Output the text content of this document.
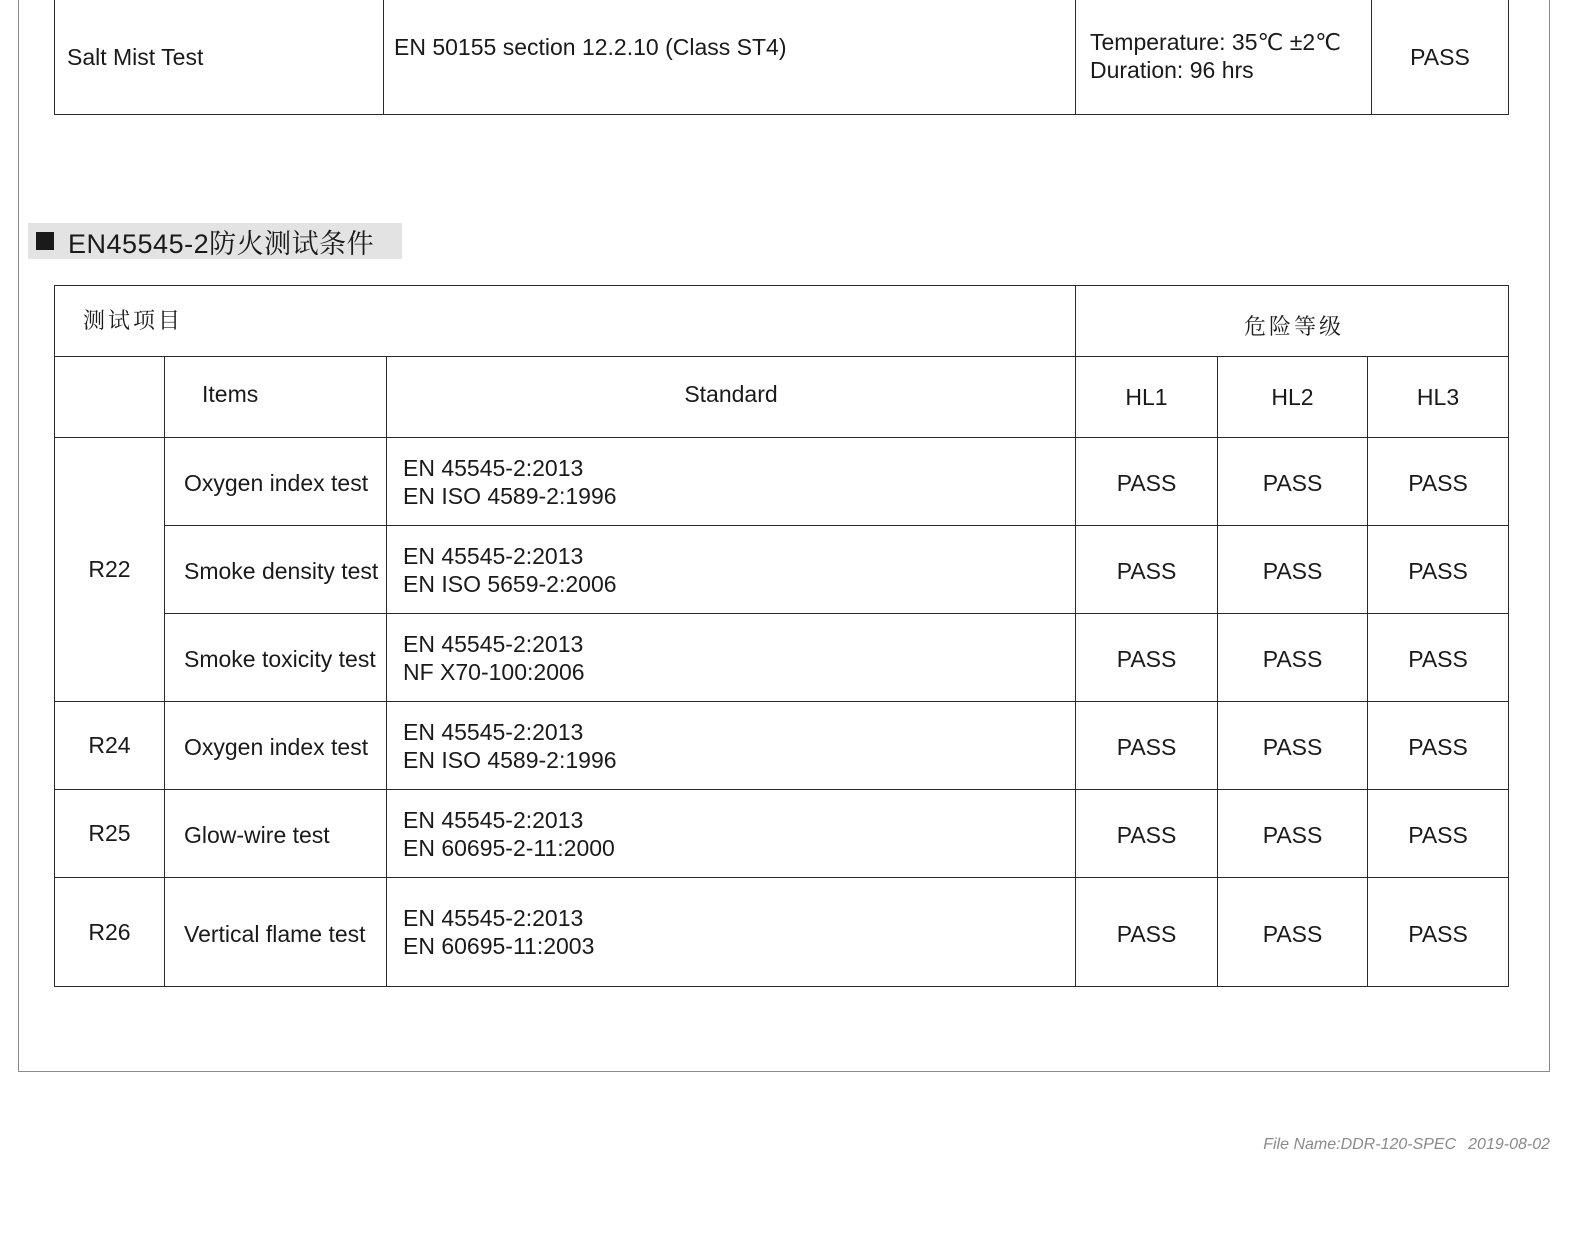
Salt Mist Test	EN 50155 section 12.2.10 (Class ST4)	Temperature: 35℃ ±2℃
Duration: 96 hrs	PASS
EN45545-2防火测试条件
测试项目			危险等级		
	Items	Standard	HL1	HL2	HL3
R22	Oxygen index test	EN 45545-2:2013
EN ISO 4589-2:1996	PASS	PASS	PASS
	Smoke density test	EN 45545-2:2013
EN ISO 5659-2:2006	PASS	PASS	PASS
	Smoke toxicity test	EN 45545-2:2013
NF X70-100:2006	PASS	PASS	PASS
R24	Oxygen index test	EN 45545-2:2013
EN ISO 4589-2:1996	PASS	PASS	PASS
R25	Glow-wire test	EN 45545-2:2013
EN 60695-2-11:2000	PASS	PASS	PASS
R26	Vertical flame test	EN 45545-2:2013
EN 60695-11:2003	PASS	PASS	PASS
File Name:DDR-120-SPEC 2019-08-02
